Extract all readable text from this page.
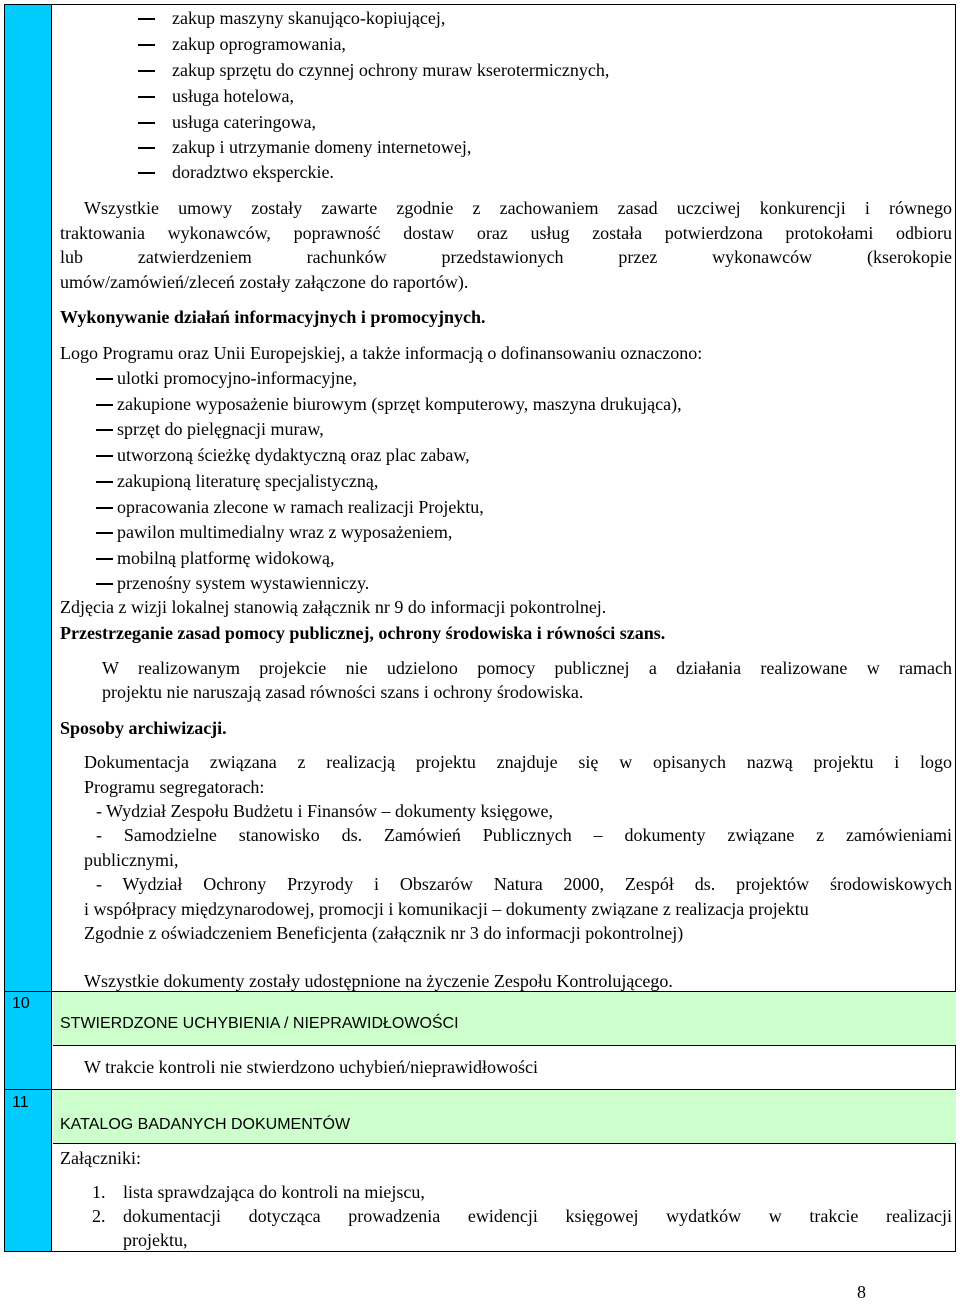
10
STWIERDZONE UCHYBIENIA / NIEPRAWIDŁOWOŚCI
W trakcie kontroli nie stwierdzono uchybień/nieprawidłowości
11
KATALOG BADANYCH DOKUMENTÓW
Załączniki:
zakup maszyny skanująco-kopiującej,
zakup oprogramowania,
zakup sprzętu do czynnej ochrony muraw kserotermicznych,
usługa hotelowa,
usługa cateringowa,
zakup i utrzymanie domeny internetowej,
doradztwo eksperckie.
Wszystkie umowy zostały zawarte zgodnie z zachowaniem zasad uczciwej konkurencji i równego
traktowania wykonawców, poprawność dostaw oraz usług została potwierdzona protokołami odbioru
lub zatwierdzeniem rachunków przedstawionych przez wykonawców (kserokopie
umów/zamówień/zleceń zostały załączone do raportów).
Wykonywanie działań informacyjnych i promocyjnych.
Logo Programu oraz Unii Europejskiej, a także informacją o dofinansowaniu oznaczono:
ulotki promocyjno-informacyjne,
zakupione wyposażenie biurowym (sprzęt komputerowy, maszyna drukująca),
sprzęt do pielęgnacji muraw,
utworzoną ścieżkę dydaktyczną oraz plac zabaw,
zakupioną literaturę specjalistyczną,
opracowania zlecone w ramach realizacji Projektu,
pawilon multimedialny wraz z wyposażeniem,
mobilną platformę widokową,
przenośny system wystawienniczy.
Zdjęcia z wizji lokalnej stanowią załącznik nr 9 do informacji pokontrolnej.
Przestrzeganie zasad pomocy publicznej, ochrony środowiska i równości szans.
W realizowanym projekcie nie udzielono pomocy publicznej a działania realizowane w ramach
projektu nie naruszają zasad równości szans i ochrony środowiska.
Sposoby archiwizacji.
Dokumentacja związana z realizacją projektu znajduje się w opisanych nazwą projektu i logo
Programu segregatorach:
- Wydział Zespołu Budżetu i Finansów – dokumenty księgowe,
- Samodzielne stanowisko ds. Zamówień Publicznych – dokumenty związane z zamówieniami
publicznymi,
- Wydział Ochrony Przyrody i Obszarów Natura 2000, Zespół ds. projektów środowiskowych
i współpracy międzynarodowej, promocji i komunikacji – dokumenty związane z realizacja projektu
Zgodnie z oświadczeniem Beneficjenta (załącznik nr 3 do informacji pokontrolnej)
Wszystkie dokumenty zostały udostępnione na życzenie Zespołu Kontrolującego.
1. lista sprawdzająca do kontroli na miejscu,
2. dokumentacji dotycząca prowadzenia ewidencji księgowej wydatków w trakcie realizacji
projektu,
8
